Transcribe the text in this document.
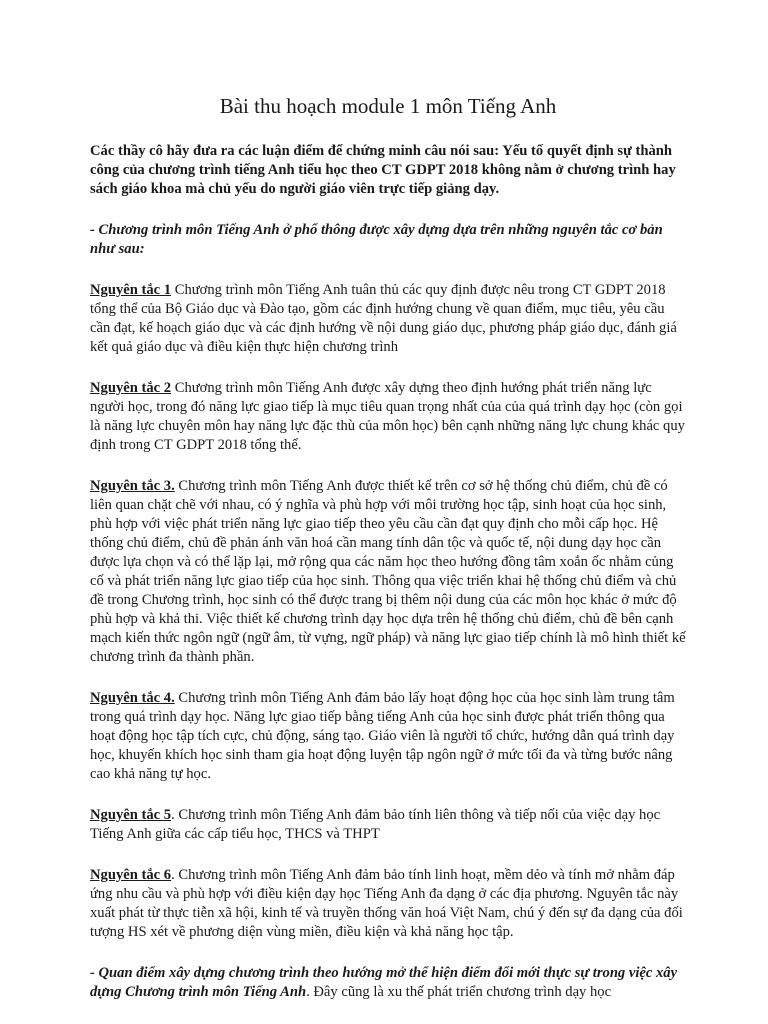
Bài thu hoạch module 1 môn Tiếng Anh

Các thầy cô hãy đưa ra các luận điểm để chứng minh câu nói sau: Yếu tố quyết định sự thành công của chương trình tiếng Anh tiểu học theo CT GDPT 2018 không nằm ở chương trình hay sách giáo khoa mà chủ yếu do người giáo viên trực tiếp giảng dạy.

- Chương trình môn Tiếng Anh ở phổ thông được xây dựng dựa trên những nguyên tắc cơ bản như sau:

Nguyên tắc 1 Chương trình môn Tiếng Anh tuân thủ các quy định được nêu trong CT GDPT 2018 tổng thể của Bộ Giáo dục và Đào tạo, gồm các định hướng chung về quan điểm, mục tiêu, yêu cầu cần đạt, kế hoạch giáo dục và các định hướng về nội dung giáo dục, phương pháp giáo dục, đánh giá kết quả giáo dục và điều kiện thực hiện chương trình

Nguyên tắc 2 Chương trình môn Tiếng Anh được xây dựng theo định hướng phát triển năng lực người học, trong đó năng lực giao tiếp là mục tiêu quan trọng nhất của của quá trình dạy học (còn gọi là năng lực chuyên môn hay năng lực đặc thù của môn học) bên cạnh những năng lực chung khác quy định trong CT GDPT 2018 tổng thể.

Nguyên tắc 3. Chương trình môn Tiếng Anh được thiết kế trên cơ sở hệ thống chủ điểm, chủ đề có liên quan chặt chẽ với nhau, có ý nghĩa và phù hợp với môi trường học tập, sinh hoạt của học sinh, phù hợp với việc phát triển năng lực giao tiếp theo yêu cầu cần đạt quy định cho mỗi cấp học. Hệ thống chủ điểm, chủ đề phản ánh văn hoá cần mang tính dân tộc và quốc tế, nội dung dạy học cần được lựa chọn và có thể lặp lại, mở rộng qua các năm học theo hướng đồng tâm xoắn ốc nhằm củng cố và phát triển năng lực giao tiếp của học sinh. Thông qua việc triển khai hệ thống chủ điểm và chủ đề trong Chương trình, học sinh có thể được trang bị thêm nội dung của các môn học khác ở mức độ phù hợp và khả thi. Việc thiết kế chương trình dạy học dựa trên hệ thống chủ điểm, chủ đề bên cạnh mạch kiến thức ngôn ngữ (ngữ âm, từ vựng, ngữ pháp) và năng lực giao tiếp chính là mô hình thiết kế chương trình đa thành phần.

Nguyên tắc 4. Chương trình môn Tiếng Anh đảm bảo lấy hoạt động học của học sinh làm trung tâm trong quá trình dạy học. Năng lực giao tiếp bằng tiếng Anh của học sinh được phát triển thông qua hoạt động học tập tích cực, chủ động, sáng tạo. Giáo viên là người tổ chức, hướng dẫn quá trình dạy học, khuyến khích học sinh tham gia hoạt động luyện tập ngôn ngữ ở mức tối đa và từng bước nâng cao khả năng tự học.

Nguyên tắc 5. Chương trình môn Tiếng Anh đảm bảo tính liên thông và tiếp nối của việc dạy học Tiếng Anh giữa các cấp tiểu học, THCS và THPT

Nguyên tắc 6. Chương trình môn Tiếng Anh đảm bảo tính linh hoạt, mềm dẻo và tính mở nhằm đáp ứng nhu cầu và phù hợp với điều kiện dạy học Tiếng Anh đa dạng ở các địa phương. Nguyên tắc này xuất phát từ thực tiễn xã hội, kinh tế và truyền thống văn hoá Việt Nam, chú ý đến sự đa dạng của đối tượng HS xét về phương diện vùng miền, điều kiện và khả năng học tập.

- Quan điểm xây dựng chương trình theo hướng mở thể hiện điểm đổi mới thực sự trong việc xây dựng Chương trình môn Tiếng Anh. Đây cũng là xu thế phát triển chương trình dạy học
